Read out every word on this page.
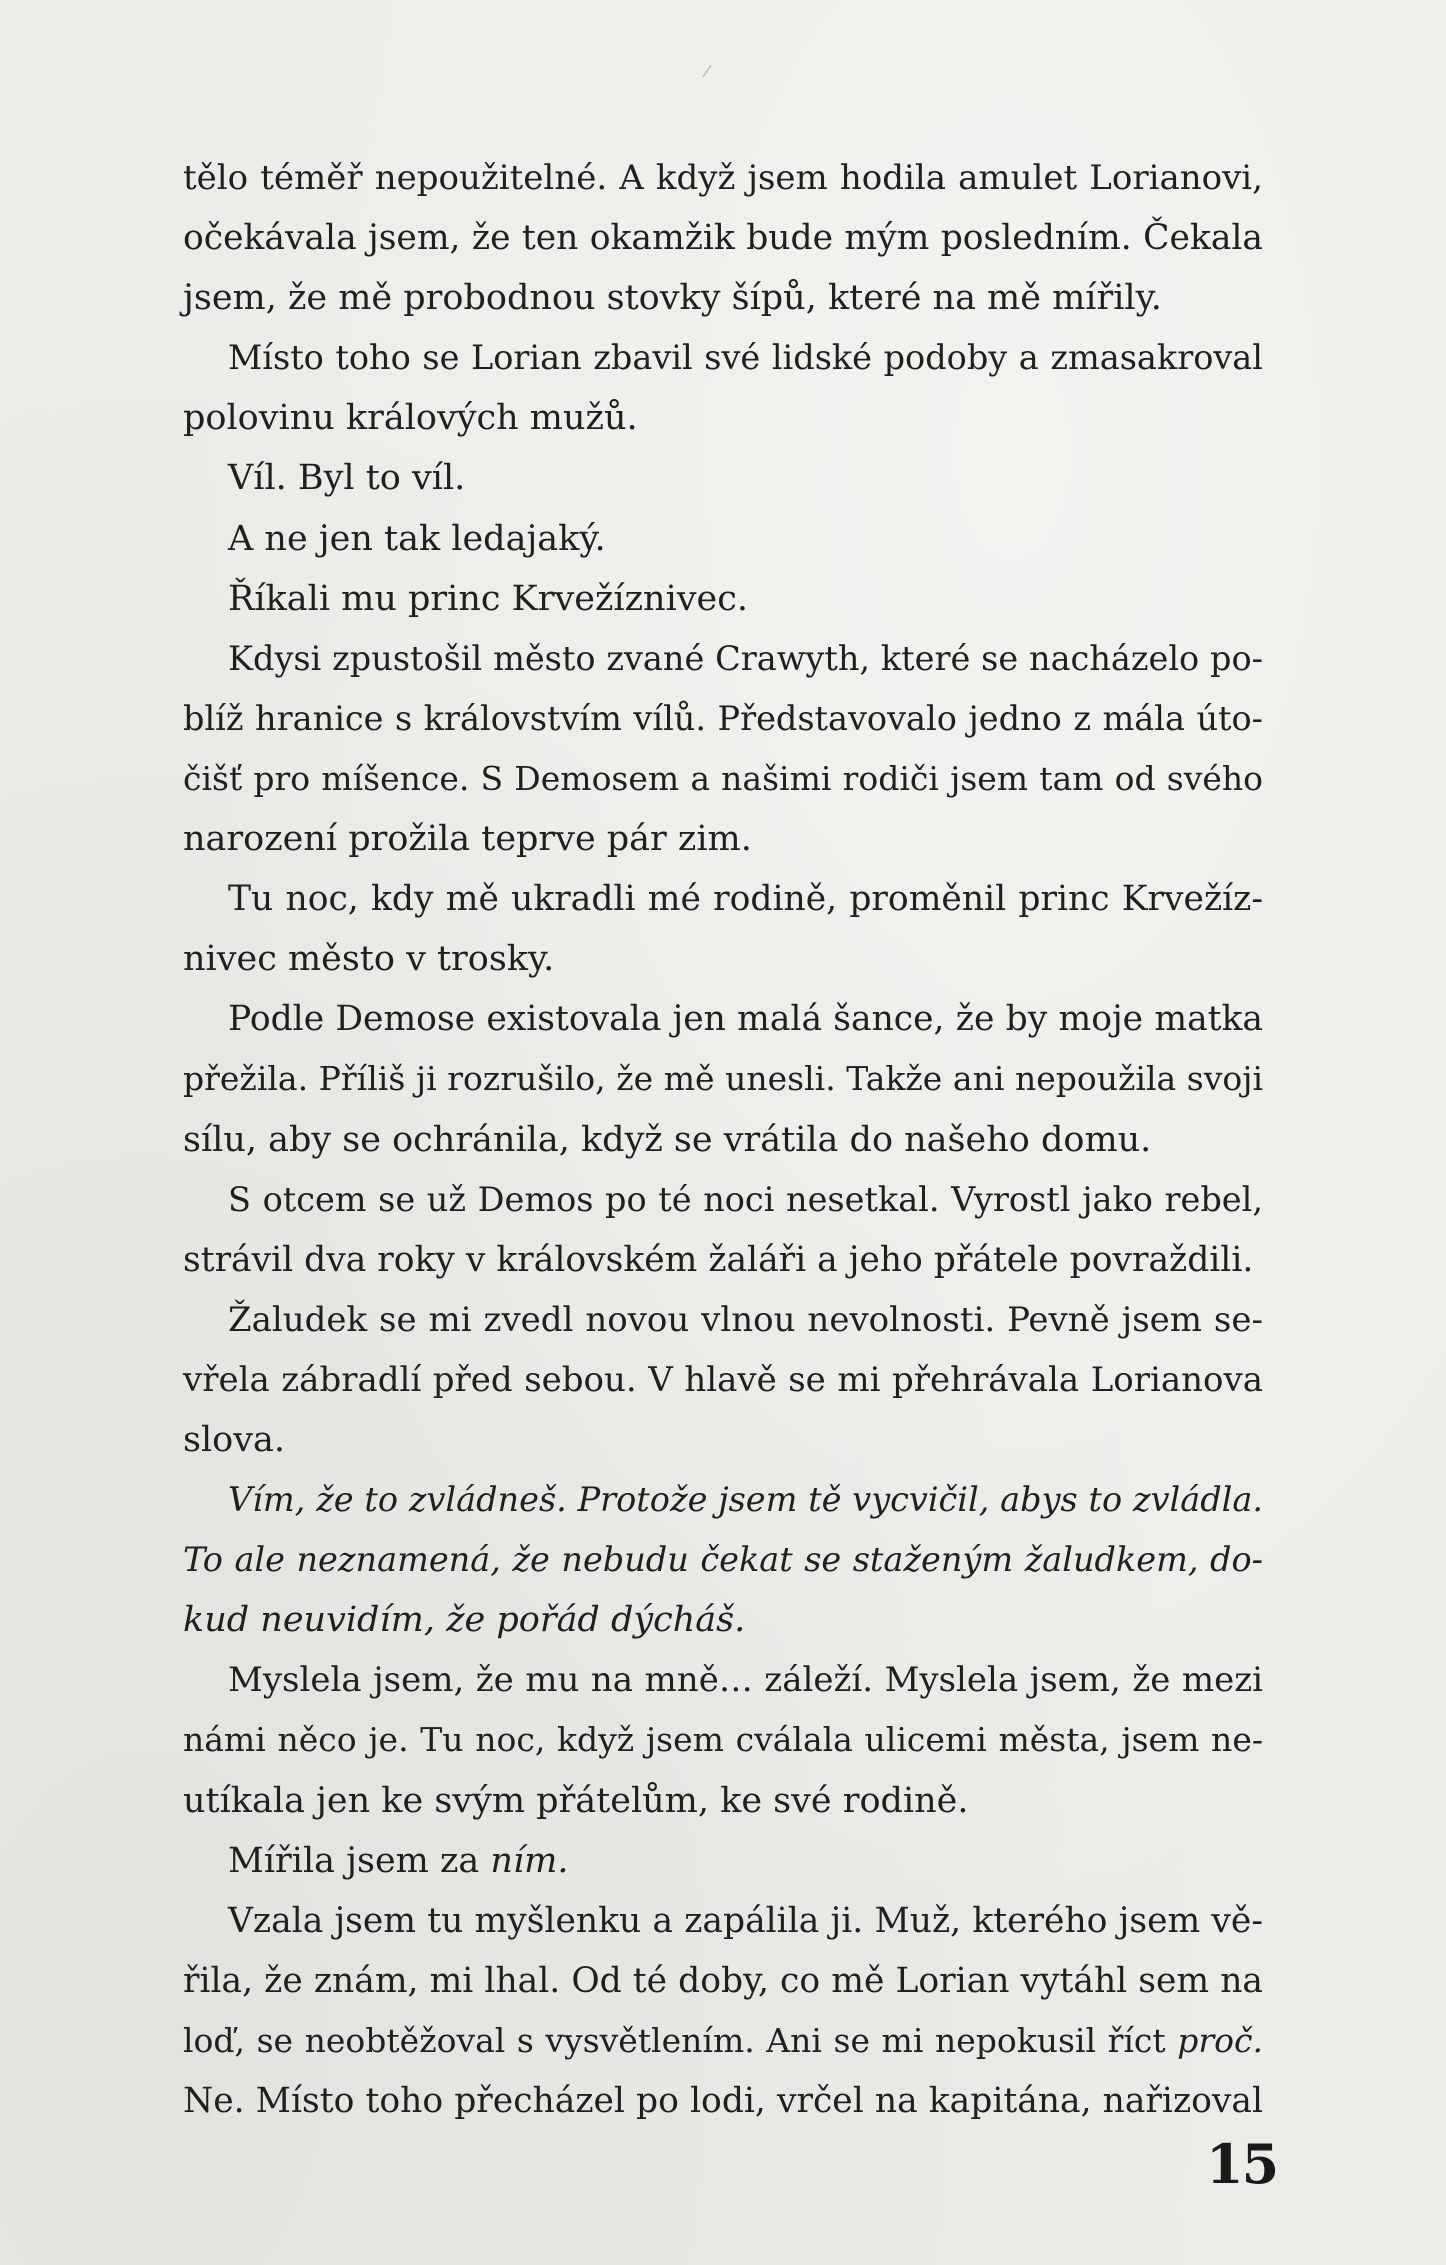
tělo téměř nepoužitelné. A když jsem hodila amulet Lorianovi,
očekávala jsem, že ten okamžik bude mým posledním. Čekala
jsem, že mě probodnou stovky šípů, které na mě mířily.
Místo toho se Lorian zbavil své lidské podoby a zmasakroval
polovinu králových mužů.
Víl. Byl to víl.
A ne jen tak ledajaký.
Říkali mu princ Krvežíznivec.
Kdysi zpustošil město zvané Crawyth, které se nacházelo po-
blíž hranice s královstvím vílů. Představovalo jedno z mála úto-
čišť pro míšence. S Demosem a našimi rodiči jsem tam od svého
narození prožila teprve pár zim.
Tu noc, kdy mě ukradli mé rodině, proměnil princ Krvežíz-
nivec město v trosky.
Podle Demose existovala jen malá šance, že by moje matka
přežila. Příliš ji rozrušilo, že mě unesli. Takže ani nepoužila svoji
sílu, aby se ochránila, když se vrátila do našeho domu.
S otcem se už Demos po té noci nesetkal. Vyrostl jako rebel,
strávil dva roky v královském žaláři a jeho přátele povraždili.
Žaludek se mi zvedl novou vlnou nevolnosti. Pevně jsem se-
vřela zábradlí před sebou. V hlavě se mi přehrávala Lorianova
slova.
Vím, že to zvládneš. Protože jsem tě vycvičil, abys to zvládla.
To ale neznamená, že nebudu čekat se staženým žaludkem, do-
kud neuvidím, že pořád dýcháš.
Myslela jsem, že mu na mně… záleží. Myslela jsem, že mezi
námi něco je. Tu noc, když jsem cválala ulicemi města, jsem ne-
utíkala jen ke svým přátelům, ke své rodině.
Mířila jsem za ním.
Vzala jsem tu myšlenku a zapálila ji. Muž, kterého jsem vě-
řila, že znám, mi lhal. Od té doby, co mě Lorian vytáhl sem na
loď, se neobtěžoval s vysvětlením. Ani se mi nepokusil říct proč.
Ne. Místo toho přecházel po lodi, vrčel na kapitána, nařizoval
15
